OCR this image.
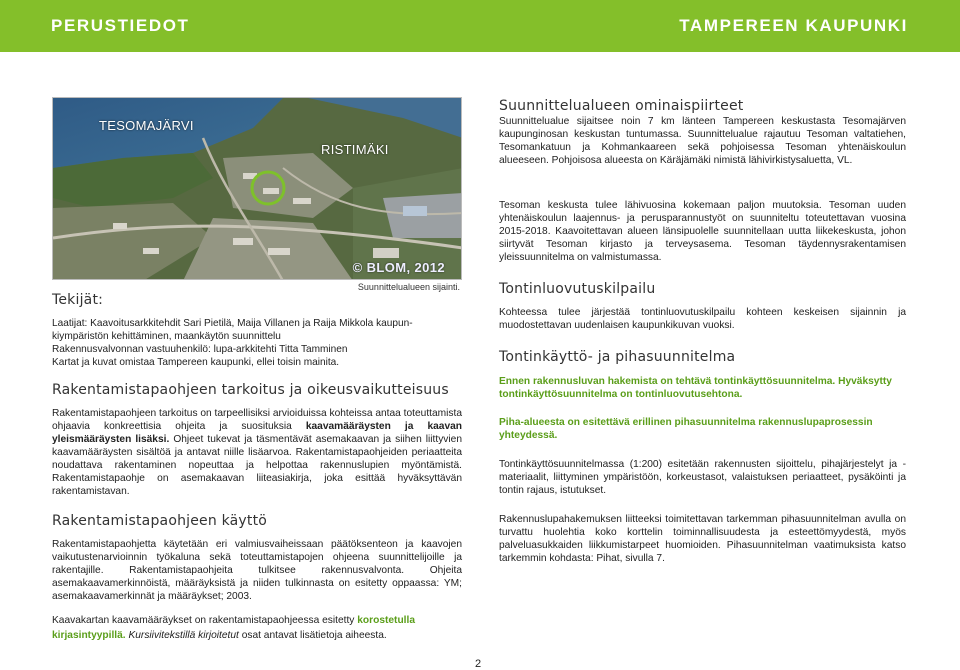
PERUSTIEDOT	TAMPEREEN KAUPUNKI
TESOMAJÄRVI
RISTIMÄKI
© BLOM, 2012
Suunnittelualueen sijainti.
Tekijät:
Laatijat: Kaavoitusarkkitehdit Sari Pietilä, Maija Villanen ja Raija Mikkola kaupun-
kiympäristön kehittäminen, maankäytön suunnittelu
Rakennusvalvonnan vastuuhenkilö: lupa-arkkitehti Titta Tamminen
Kartat ja kuvat omistaa Tampereen kaupunki, ellei toisin mainita.
Rakentamistapaohjeen tarkoitus ja oikeusvaikutteisuus
Rakentamistapaohjeen tarkoitus on tarpeellisiksi arvioiduissa kohteissa antaa toteuttamista ohjaavia konkreettisia ohjeita ja suosituksia kaavamääräysten ja kaavan yleismääräysten lisäksi. Ohjeet tukevat ja täsmentävät asemakaavan ja siihen liittyvien kaavamääräysten sisältöä ja antavat niille lisäarvoa. Rakentamistapaohjeiden periaatteita noudattava rakentaminen nopeuttaa ja helpottaa rakennuslupien myöntämistä. Rakentamistapaohje on asemakaavan liiteasiakirja, joka esittää hyväksyttävän rakentamistavan.
Rakentamistapaohjeen käyttö
Rakentamistapaohjetta käytetään eri valmiusvaiheissaan päätöksenteon ja kaavojen vaikutustenarvioinnin työkaluna sekä toteuttamistapojen ohjeena suunnittelijoille ja rakentajille. Rakentamistapaohjeita tulkitsee rakennusvalvonta. Ohjeita asemakaavamerkinnöistä, määräyksistä ja niiden tulkinnasta on esitetty oppaassa: YM; asemakaavamerkinnät ja määräykset; 2003.
Kaavakartan kaavamääräykset on rakentamistapaohjeessa esitetty korostetulla kirjasintyypillä. Kursiivitekstillä kirjoitetut osat antavat lisätietoja aiheesta.
Suunnittelualueen ominaispiirteet
Suunnittelualue sijaitsee noin 7 km länteen Tampereen keskustasta Tesomajärven kaupunginosan keskustan tuntumassa. Suunnittelualue rajautuu Tesoman valtatiehen, Tesomankatuun ja Kohmankaareen sekä pohjoisessa Tesoman yhtenäiskoulun alueeseen. Pohjoisosa alueesta on Käräjämäki nimistä lähivirkistysaluetta, VL.
Tesoman keskusta tulee lähivuosina kokemaan paljon muutoksia. Tesoman uuden yhtenäiskoulun laajennus- ja perusparannustyöt on suunniteltu toteutettavan vuosina 2015-2018. Kaavoitettavan alueen länsipuolelle suunnitellaan uutta liikekeskusta, johon siirtyvät Tesoman kirjasto ja terveysasema. Tesoman täydennysrakentamisen yleissuunnitelma on valmistumassa.
Tontinluovutuskilpailu
Kohteessa tulee järjestää tontinluovutuskilpailu kohteen keskeisen sijainnin ja muodostettavan uudenlaisen kaupunkikuvan vuoksi.
Tontinkäyttö- ja pihasuunnitelma
Ennen rakennusluvan hakemista on tehtävä tontinkäyttösuunnitelma. Hyväksytty tontinkäyttösuunnitelma on tontinluovutusehtona.
Piha-alueesta on esitettävä erillinen pihasuunnitelma rakennuslupaprosessin yhteydessä.
Tontinkäyttösuunnitelmassa (1:200) esitetään rakennusten sijoittelu, pihajärjestelyt ja -materiaalit, liittyminen ympäristöön, korkeustasot, valaistuksen periaatteet, pysäköinti ja tontin rajaus, istutukset.
Rakennuslupahakemuksen liitteeksi toimitettavan tarkemman pihasuunnitelman avulla on turvattu huolehtia koko korttelin toiminnallisuudesta ja esteettömyydestä, myös palveluasukkaiden liikkumistarpeet huomioiden. Pihasuunnitelman vaatimuksista katso tarkemmin kohdasta: Pihat, sivulla 7.
2
